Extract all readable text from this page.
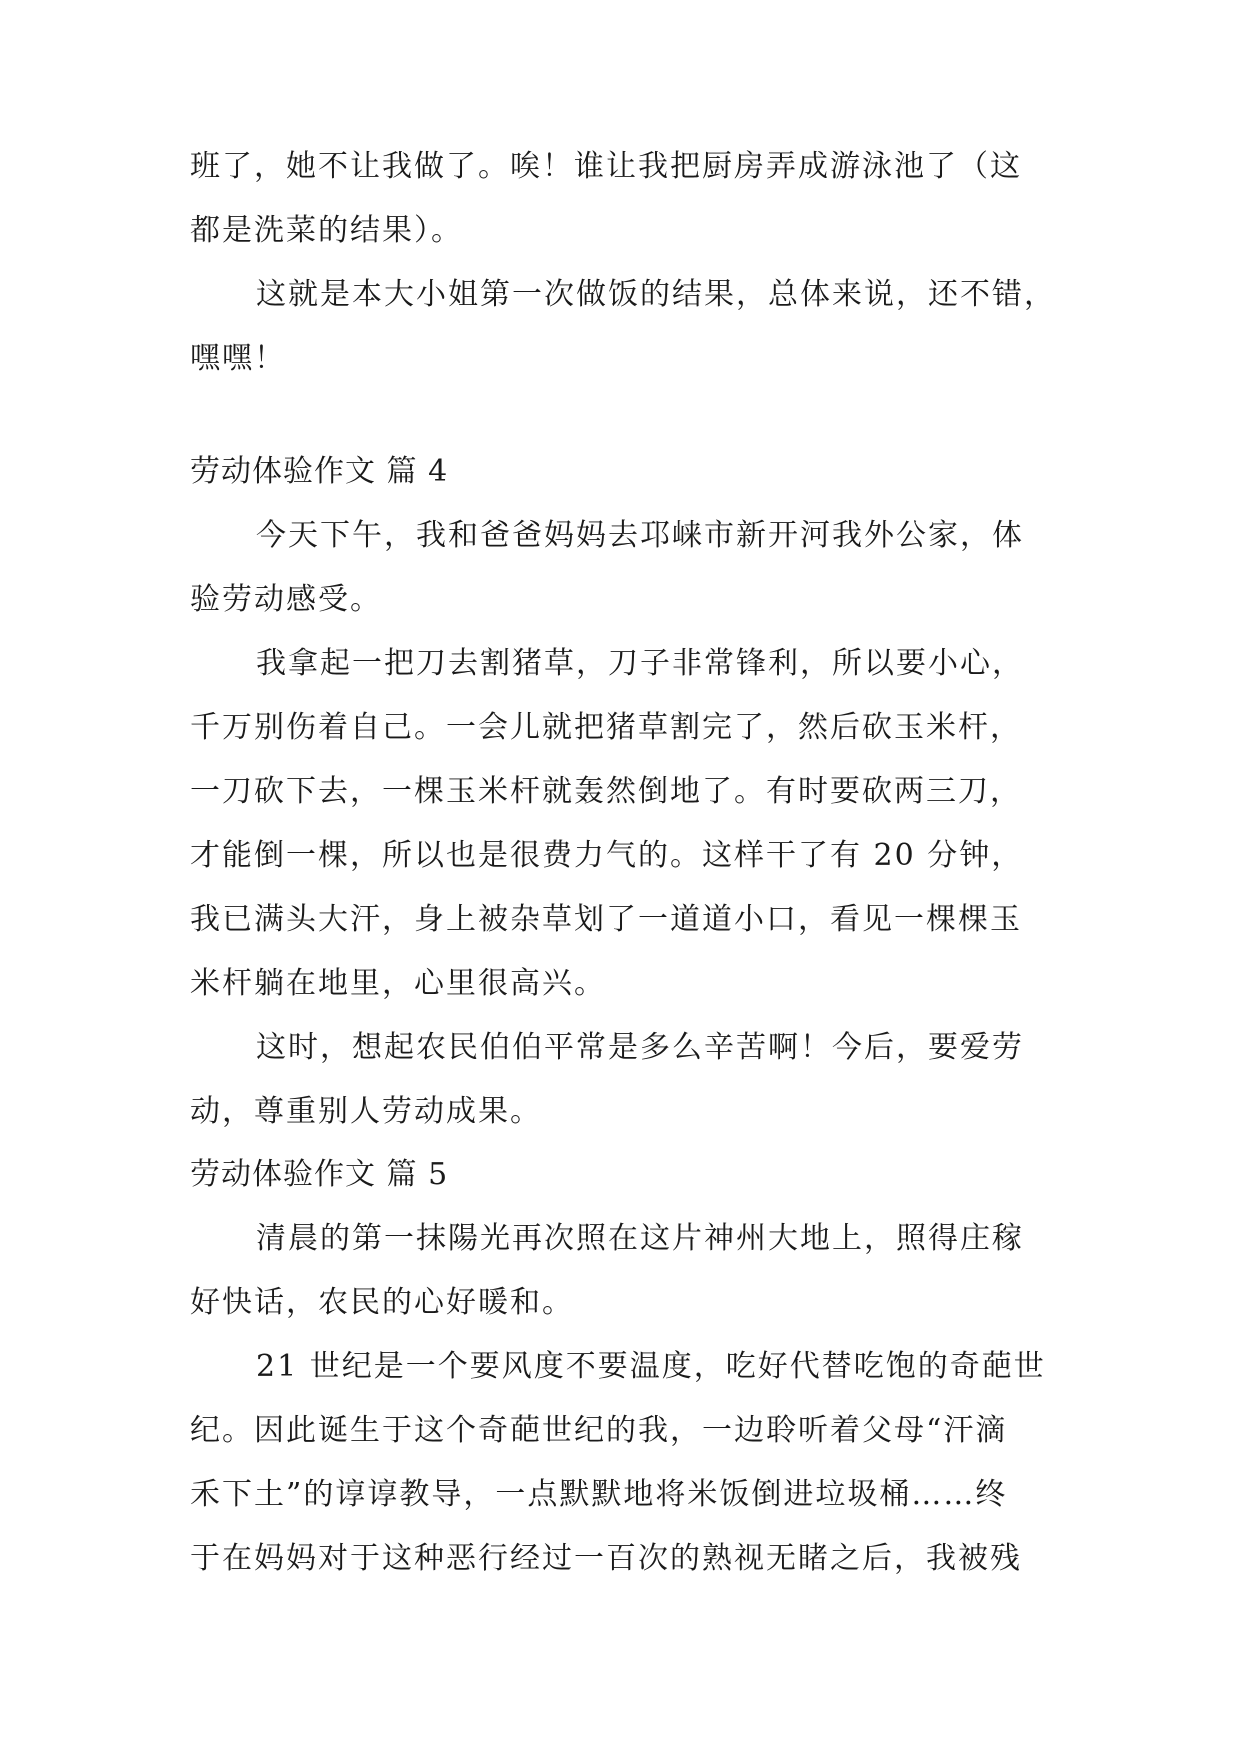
班了，她不让我做了。唉！谁让我把厨房弄成游泳池了（这
都是洗菜的结果）。
这就是本大小姐第一次做饭的结果，总体来说，还不错，
嘿嘿！
劳动体验作文 篇 4
今天下午，我和爸爸妈妈去邛崃市新开河我外公家，体
验劳动感受。
我拿起一把刀去割猪草，刀子非常锋利，所以要小心，
千万别伤着自己。一会儿就把猪草割完了，然后砍玉米杆，
一刀砍下去，一棵玉米杆就轰然倒地了。有时要砍两三刀，
才能倒一棵，所以也是很费力气的。这样干了有 20 分钟，
我已满头大汗，身上被杂草划了一道道小口，看见一棵棵玉
米杆躺在地里，心里很高兴。
这时，想起农民伯伯平常是多么辛苦啊！今后，要爱劳
动，尊重别人劳动成果。
劳动体验作文 篇 5
清晨的第一抹陽光再次照在这片神州大地上，照得庄稼
好快话，农民的心好暖和。
21 世纪是一个要风度不要温度，吃好代替吃饱的奇葩世
纪。因此诞生于这个奇葩世纪的我，一边聆听着父母“汗滴
禾下土”的谆谆教导，一点默默地将米饭倒进垃圾桶……终
于在妈妈对于这种恶行经过一百次的熟视无睹之后，我被残
